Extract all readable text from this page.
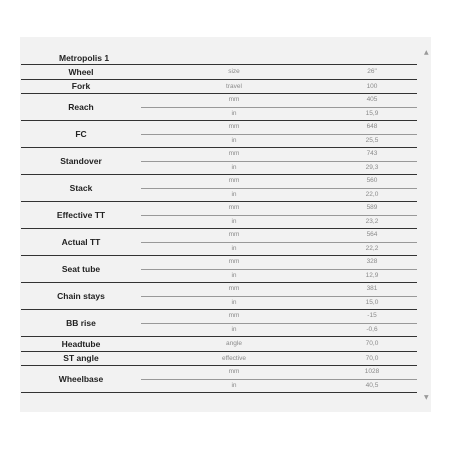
▲
▼
Metropolis 1		
Wheel	size	26"
Fork	travel	100
Reach	mm	405
	in	15,9
FC	mm	648
	in	25,5
Standover	mm	743
	in	29,3
Stack	mm	560
	in	22,0
Effective TT	mm	589
	in	23,2
Actual TT	mm	564
	in	22,2
Seat tube	mm	328
	in	12,9
Chain stays	mm	381
	in	15,0
BB rise	mm	-15
	in	-0,6
Headtube	angle	70,0
ST angle	effective	70,0
Wheelbase	mm	1028
	in	40,5
